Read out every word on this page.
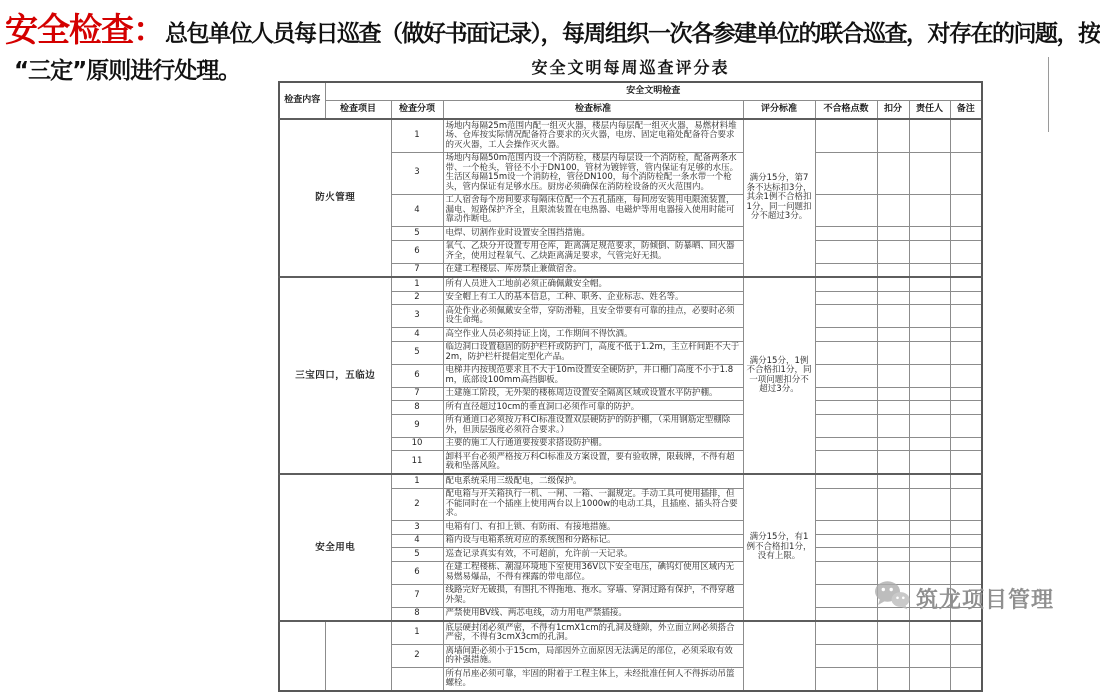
安全检查：总包单位人员每日巡查（做好书面记录），每周组织一次各参建单位的联合巡查，对存在的问题，按
“三定”原则进行处理。	安全文明每周巡查评分表
检查内容	安全文明检查							
	检查项目	检查分项	检查标准	评分标准	不合格点数	扣分	责任人	备注
防火管理		1	场地内每隔25m范围内配一组灭火器，楼层内每层配一组灭火器，易燃材料堆场、仓库按实际情况配备符合要求的灭火器，电房、固定电箱处配备符合要求的灭火器，工人会操作灭火器。	满分15分，第7条不达标扣3分，其余1例不合格扣1分，同一问题扣分不超过3分。				
		3	场地内每隔50m范围内设一个消防栓，楼层内每层设一个消防栓，配备两条水带、一个枪头，管径不小于DN100，管材为镀锌管，管内保证有足够的水压。生活区每隔15m设一个消防栓，管径DN100，每个消防栓配一条水带一个枪头，管内保证有足够水压。厨房必须确保在消防栓设备的灭火范围内。					
		4	工人宿舍每个房间要求每隔床位配一个五孔插座，每间房安装用电限流装置，漏电、短路保护齐全，且限流装置在电热器、电磁炉等用电器接入使用时能可靠动作断电。					
		5	电焊、切割作业时设置安全围挡措施。					
		6	氧气、乙炔分开设置专用仓库，距离满足规范要求，防倾倒、防暴晒、回火器齐全，使用过程氧气、乙炔距离满足要求，气管完好无损。					
		7	在建工程楼层、库房禁止兼做宿舍。					
三宝四口，五临边		1	所有人员进入工地前必须正确佩戴安全帽。	满分15分，1例不合格扣1分，同一项问题扣分不超过3分。				
		2	安全帽上有工人的基本信息，工种、职务、企业标志、姓名等。					
		3	高处作业必须佩戴安全带，穿防滑鞋，且安全带要有可靠的挂点，必要时必须设生命绳。					
		4	高空作业人员必须持证上岗，工作期间不得饮酒。					
		5	临边洞口设置稳固的防护栏杆或防护门，高度不低于1.2m，主立杆间距不大于2m，防护栏杆提倡定型化产品。					
		6	电梯井内按规范要求且不大于10m设置安全硬防护，井口栅门高度不小于1.8m，底部设100mm高挡脚板。					
		7	土建施工阶段，无外架的楼栋周边设置安全隔离区域或设置水平防护棚。					
		8	所有直径超过10cm的垂直洞口必须作可靠的防护。					
		9	所有通道口必须按万科CI标准设置双层硬防护的防护棚，（采用钢筋定型棚除外，但顶层强度必须符合要求。）					
		10	主要的施工人行通道要按要求搭设防护棚。					
		11	卸料平台必须严格按万科CI标准及方案设置，要有验收牌，限载牌，不得有超载和坠落风险。					
安全用电		1	配电系统采用三级配电，二级保护。	满分15分，有1例不合格扣1分，没有上限。				
		2	配电箱与开关箱执行一机、一闸、一箱、一漏规定。手动工具可使用插排，但不能同时在一个插座上使用两台以上1000w的电动工具，且插座、插头符合要求。					
		3	电箱有门、有扣上锁、有防雨、有接地措施。					
		4	箱内设与电箱系统对应的系统图和分路标记。					
		5	巡查记录真实有效，不可超前，允许前一天记录。					
		6	在建工程楼栋、潮湿环境地下室使用36V以下安全电压，碘钨灯使用区域内无易燃易爆品，不得有裸露的带电部位。					
		7	线路完好无破损，有围扎不得拖地、拖水。穿墙、穿洞过路有保护，不得穿越外架。					
		8	严禁使用BV线、两芯电线，动力用电严禁插接。					
		1	底层硬封闭必须严密，不得有1cmX1cm的孔洞及缝隙，外立面立网必须搭合严密，不得有3cmX3cm的孔洞。					
		2	离墙间距必须小于15cm，局部因外立面原因无法满足的部位，必须采取有效的补强措施。					
			所有吊座必须可靠，牢固的附着于工程主体上，未经批准任何人不得拆动吊篮螺栓。					
筑龙项目管理
